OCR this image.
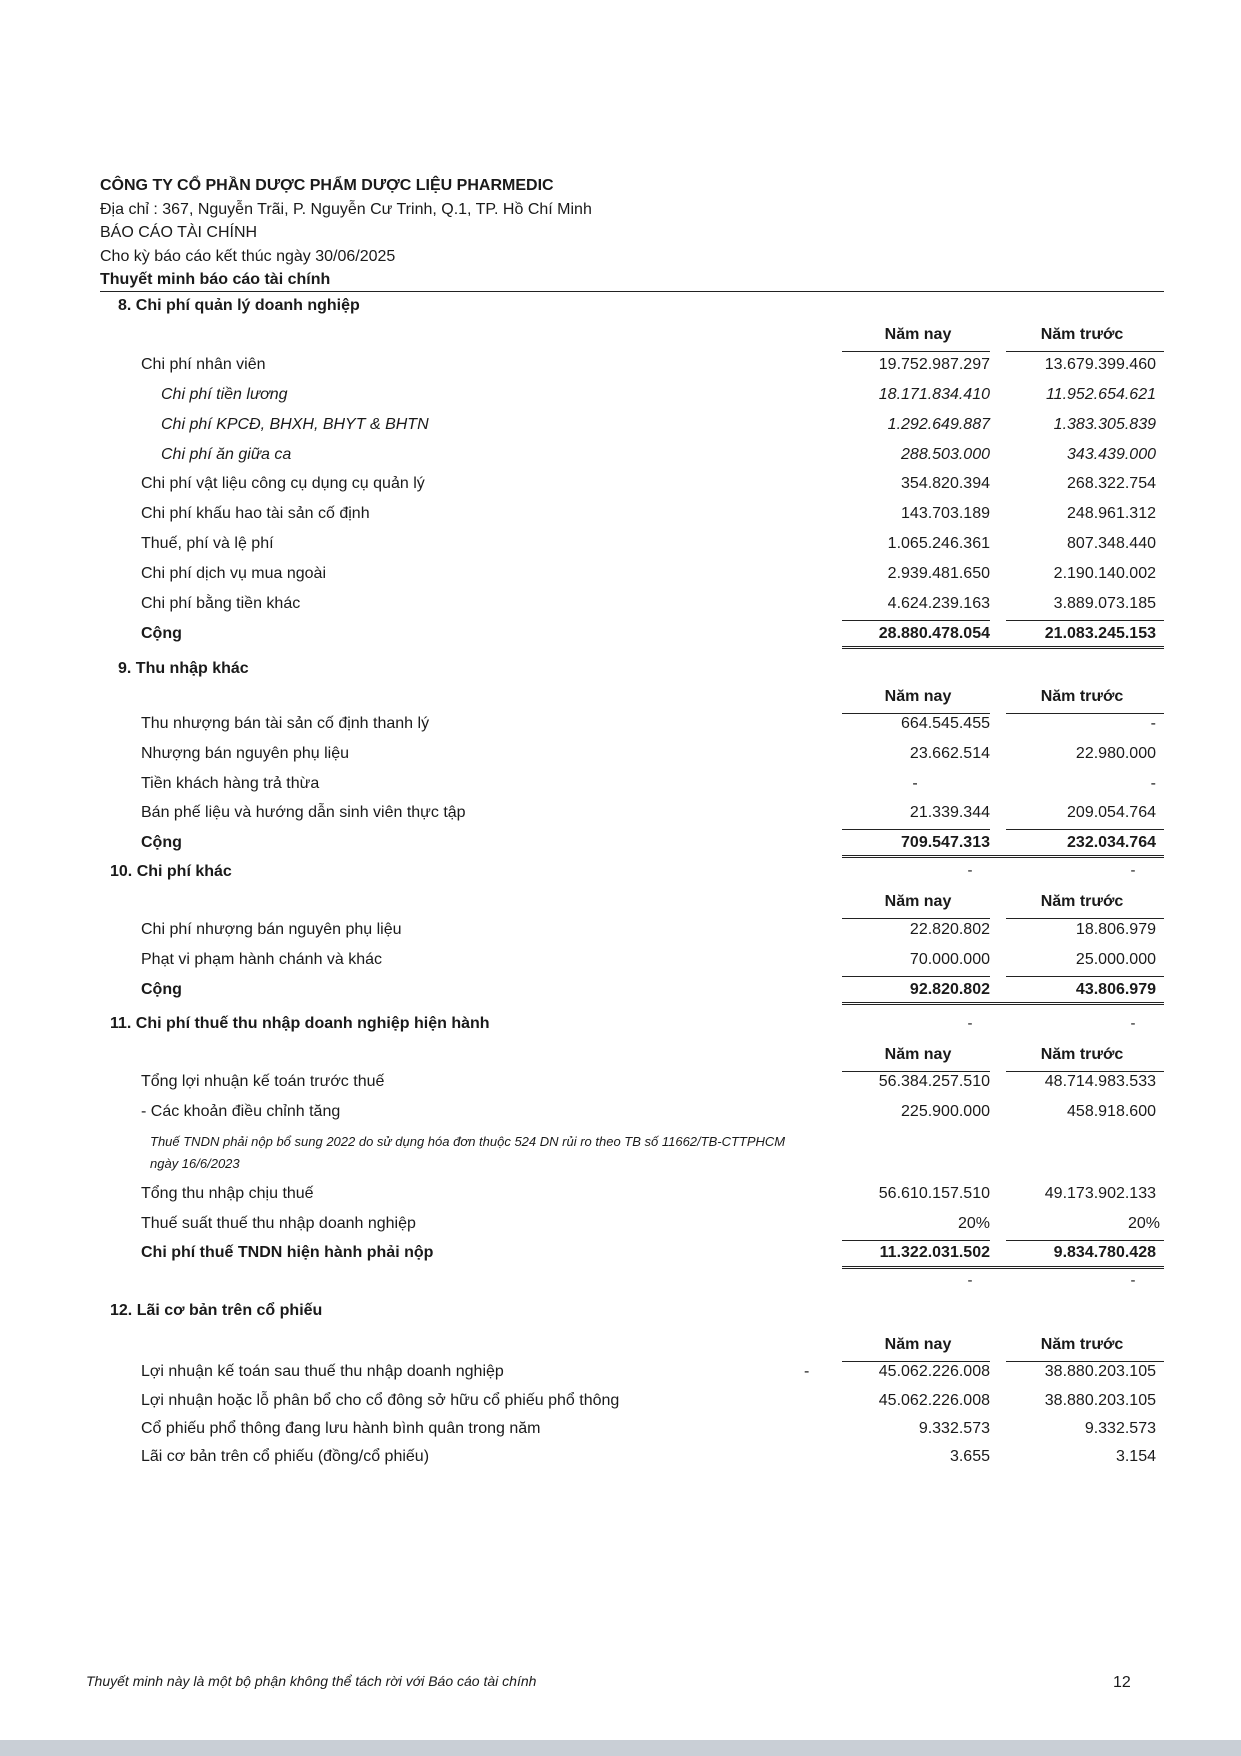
CÔNG TY CỔ PHẦN DƯỢC PHẨM DƯỢC LIỆU PHARMEDIC
Địa chỉ : 367, Nguyễn Trãi, P. Nguyễn Cư Trinh, Q.1, TP. Hồ Chí Minh
BÁO CÁO TÀI CHÍNH
Cho kỳ báo cáo kết thúc ngày 30/06/2025
Thuyết minh báo cáo tài chính
8. Chi phí quản lý doanh nghiệp
Năm nay	Năm trước
Chi phí nhân viên	19.752.987.297	13.679.399.460
Chi phí tiền lương	18.171.834.410	11.952.654.621
Chi phí KPCĐ, BHXH, BHYT & BHTN	1.292.649.887	1.383.305.839
Chi phí ăn giữa ca	288.503.000	343.439.000
Chi phí vật liệu công cụ dụng cụ quản lý	354.820.394	268.322.754
Chi phí khấu hao tài sản cố định	143.703.189	248.961.312
Thuế, phí và lệ phí	1.065.246.361	807.348.440
Chi phí dịch vụ mua ngoài	2.939.481.650	2.190.140.002
Chi phí bằng tiền khác	4.624.239.163	3.889.073.185
Cộng	28.880.478.054	21.083.245.153
9. Thu nhập khác
Năm nay	Năm trước
Thu nhượng bán tài sản cố định thanh lý	664.545.455	-
Nhượng bán nguyên phụ liệu	23.662.514	22.980.000
Tiền khách hàng trả thừa	-	-
Bán phế liệu và hướng dẫn sinh viên thực tập	21.339.344	209.054.764
Cộng	709.547.313	232.034.764
-	-
10. Chi phí khác
Năm nay	Năm trước
Chi phí nhượng bán nguyên phụ liệu	22.820.802	18.806.979
Phạt vi phạm hành chánh và khác	70.000.000	25.000.000
Cộng	92.820.802	43.806.979
11. Chi phí thuế thu nhập doanh nghiệp hiện hành	-	-
Năm nay	Năm trước
Tổng lợi nhuận kế toán trước thuế	56.384.257.510	48.714.983.533
- Các khoản điều chỉnh tăng	225.900.000	458.918.600
Thuế TNDN phải nộp bổ sung 2022 do sử dụng hóa đơn thuộc 524 DN rủi ro theo TB số 11662/TB-CTTPHCM ngày 16/6/2023
Tổng thu nhập chịu thuế	56.610.157.510	49.173.902.133
Thuế suất thuế thu nhập doanh nghiệp	20%	20%
Chi phí thuế TNDN hiện hành phải nộp	11.322.031.502	9.834.780.428
-	-
12. Lãi cơ bản trên cổ phiếu
Năm nay	Năm trước
Lợi nhuận kế toán sau thuế thu nhập doanh nghiệp	-	45.062.226.008	38.880.203.105
Lợi nhuận hoặc lỗ phân bổ cho cổ đông sở hữu cổ phiếu phổ thông	45.062.226.008	38.880.203.105
Cổ phiếu phổ thông đang lưu hành bình quân trong năm	9.332.573	9.332.573
Lãi cơ bản trên cổ phiếu (đồng/cổ phiếu)	3.655	3.154
Thuyết minh này là một bộ phận không thể tách rời với Báo cáo tài chính	12
